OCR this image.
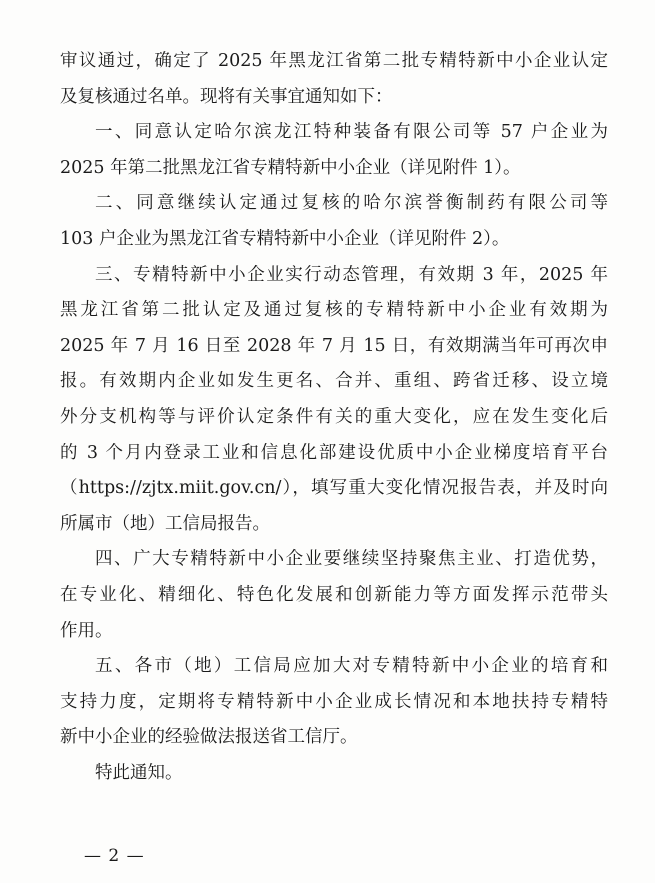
审议通过，确定了 2025 年黑龙江省第二批专精特新中小企业认定
及复核通过名单。现将有关事宜通知如下：
一、同意认定哈尔滨龙江特种装备有限公司等 57 户企业为
2025 年第二批黑龙江省专精特新中小企业（详见附件 1）。
二、同意继续认定通过复核的哈尔滨誉衡制药有限公司等
103 户企业为黑龙江省专精特新中小企业（详见附件 2）。
三、专精特新中小企业实行动态管理，有效期 3 年，2025 年
黑龙江省第二批认定及通过复核的专精特新中小企业有效期为
2025 年 7 月 16 日至 2028 年 7 月 15 日，有效期满当年可再次申
报。有效期内企业如发生更名、合并、重组、跨省迁移、设立境
外分支机构等与评价认定条件有关的重大变化，应在发生变化后
的 3 个月内登录工业和信息化部建设优质中小企业梯度培育平台
（https://zjtx.miit.gov.cn/），填写重大变化情况报告表，并及时向
所属市（地）工信局报告。
四、广大专精特新中小企业要继续坚持聚焦主业、打造优势，
在专业化、精细化、特色化发展和创新能力等方面发挥示范带头
作用。
五、各市（地）工信局应加大对专精特新中小企业的培育和
支持力度，定期将专精特新中小企业成长情况和本地扶持专精特
新中小企业的经验做法报送省工信厅。
特此通知。
— 2 —
